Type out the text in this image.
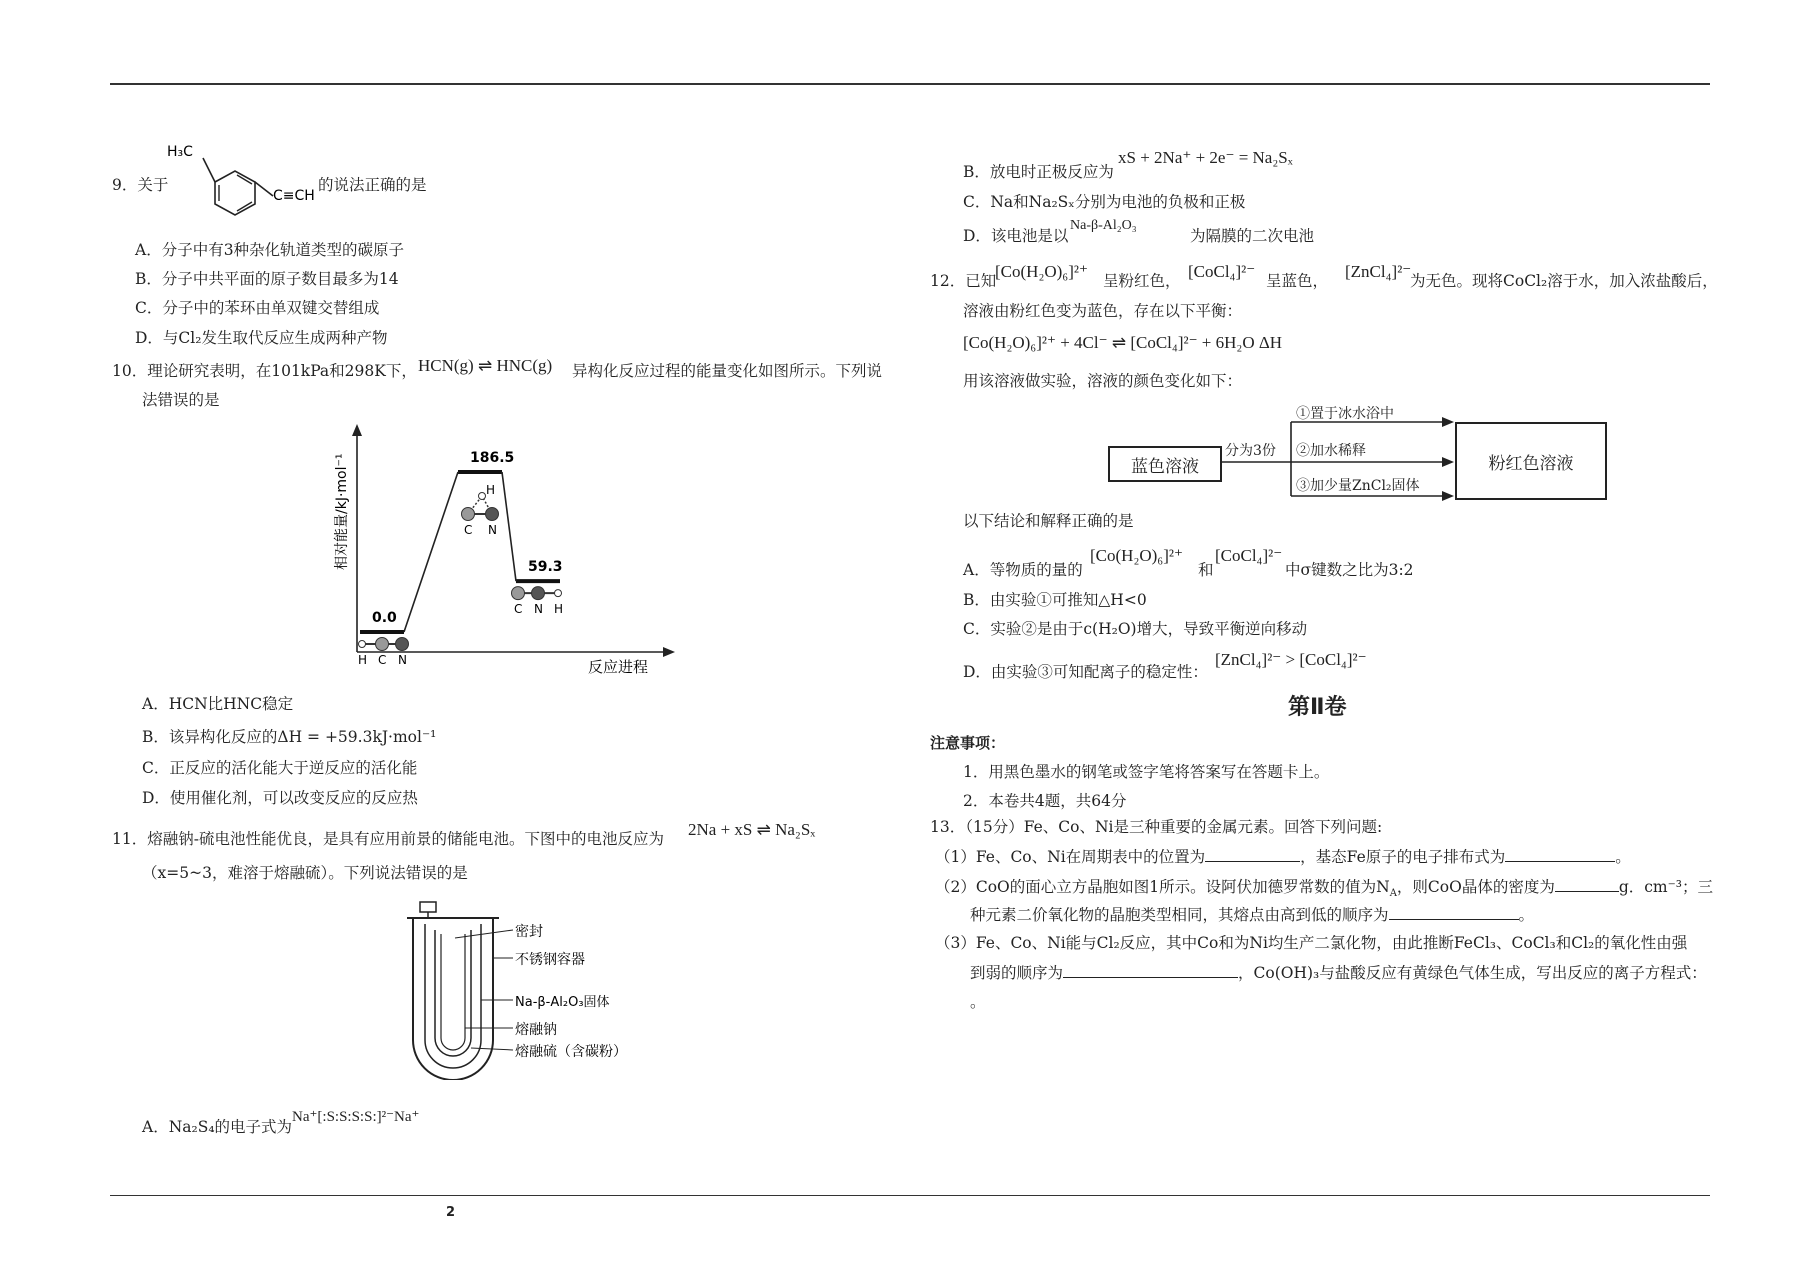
2
9．关于
H₃C
C≡CH
的说法正确的是
A．分子中有3种杂化轨道类型的碳原子
B．分子中共平面的原子数目最多为14
C．分子中的苯环由单双键交替组成
D．与Cl₂发生取代反应生成两种产物
10．理论研究表明，在101kPa和298K下， HCN(g) ⇌ HNC(g) 异构化反应过程的能量变化如图所示。下列说
法错误的是
相对能量/kJ·mol⁻¹
反应进程
0.0
186.5
59.3
H C N
H
C N
C N H
A．HCN比HNC稳定
B．该异构化反应的ΔH = +59.3kJ·mol⁻¹
C．正反应的活化能大于逆反应的活化能
D．使用催化剂，可以改变反应的反应热
11．熔融钠-硫电池性能优良，是具有应用前景的储能电池。下图中的电池反应为 2Na + xS ⇌ Na₂Sₓ
（x=5~3，难溶于熔融硫）。下列说法错误的是
密封
不锈钢容器
Na-β-Al₂O₃固体
熔融钠
熔融硫（含碳粉）
A．Na₂S₄的电子式为
Na⁺[:S:S:S:S:]²⁻Na⁺
B．放电时正极反应为
xS + 2Na⁺ + 2e⁻ = Na₂Sₓ
C．Na和Na₂Sₓ分别为电池的负极和正极
D．该电池是以
Na-β-Al₂O₃
为隔膜的二次电池
12．已知
[Co(H₂O)₆]²⁺ 呈粉红色， [CoCl₄]²⁻ 呈蓝色， [ZnCl₄]²⁻
为无色。现将CoCl₂溶于水，加入浓盐酸后，
溶液由粉红色变为蓝色，存在以下平衡：
[Co(H₂O)₆]²⁺ + 4Cl⁻ ⇌ [CoCl₄]²⁻ + 6H₂O ΔH
用该溶液做实验，溶液的颜色变化如下：
蓝色溶液
分为3份
①置于冰水浴中
②加水稀释
③加少量ZnCl₂固体
粉红色溶液
以下结论和解释正确的是
A．等物质的量的
[Co(H₂O)₆]²⁺
和
[CoCl₄]²⁻
中σ键数之比为3:2
B．由实验①可推知△H<0
C．实验②是由于c(H₂O)增大，导致平衡逆向移动
D．由实验③可知配离子的稳定性：
[ZnCl₄]²⁻ > [CoCl₄]²⁻
第Ⅱ卷
注意事项：
1．用黑色墨水的钢笔或签字笔将答案写在答题卡上。
2．本卷共4题，共64分
13．（15分）Fe、Co、Ni是三种重要的金属元素。回答下列问题:
（1）Fe、Co、Ni在周期表中的位置为	，基态Fe原子的电子排布式为	。
（2）CoO的面心立方晶胞如图1所示。设阿伏加德罗常数的值为$N_A$，则CoO晶体的密度为	g．cm⁻³；三
种元素二价氧化物的晶胞类型相同，其熔点由高到低的顺序为	。
（3）Fe、Co、Ni能与Cl₂反应，其中Co和为Ni均生产二氯化物，由此推断FeCl₃、CoCl₃和Cl₂的氧化性由强
到弱的顺序为	，Co(OH)₃与盐酸反应有黄绿色气体生成，写出反应的离子方程式：
。
